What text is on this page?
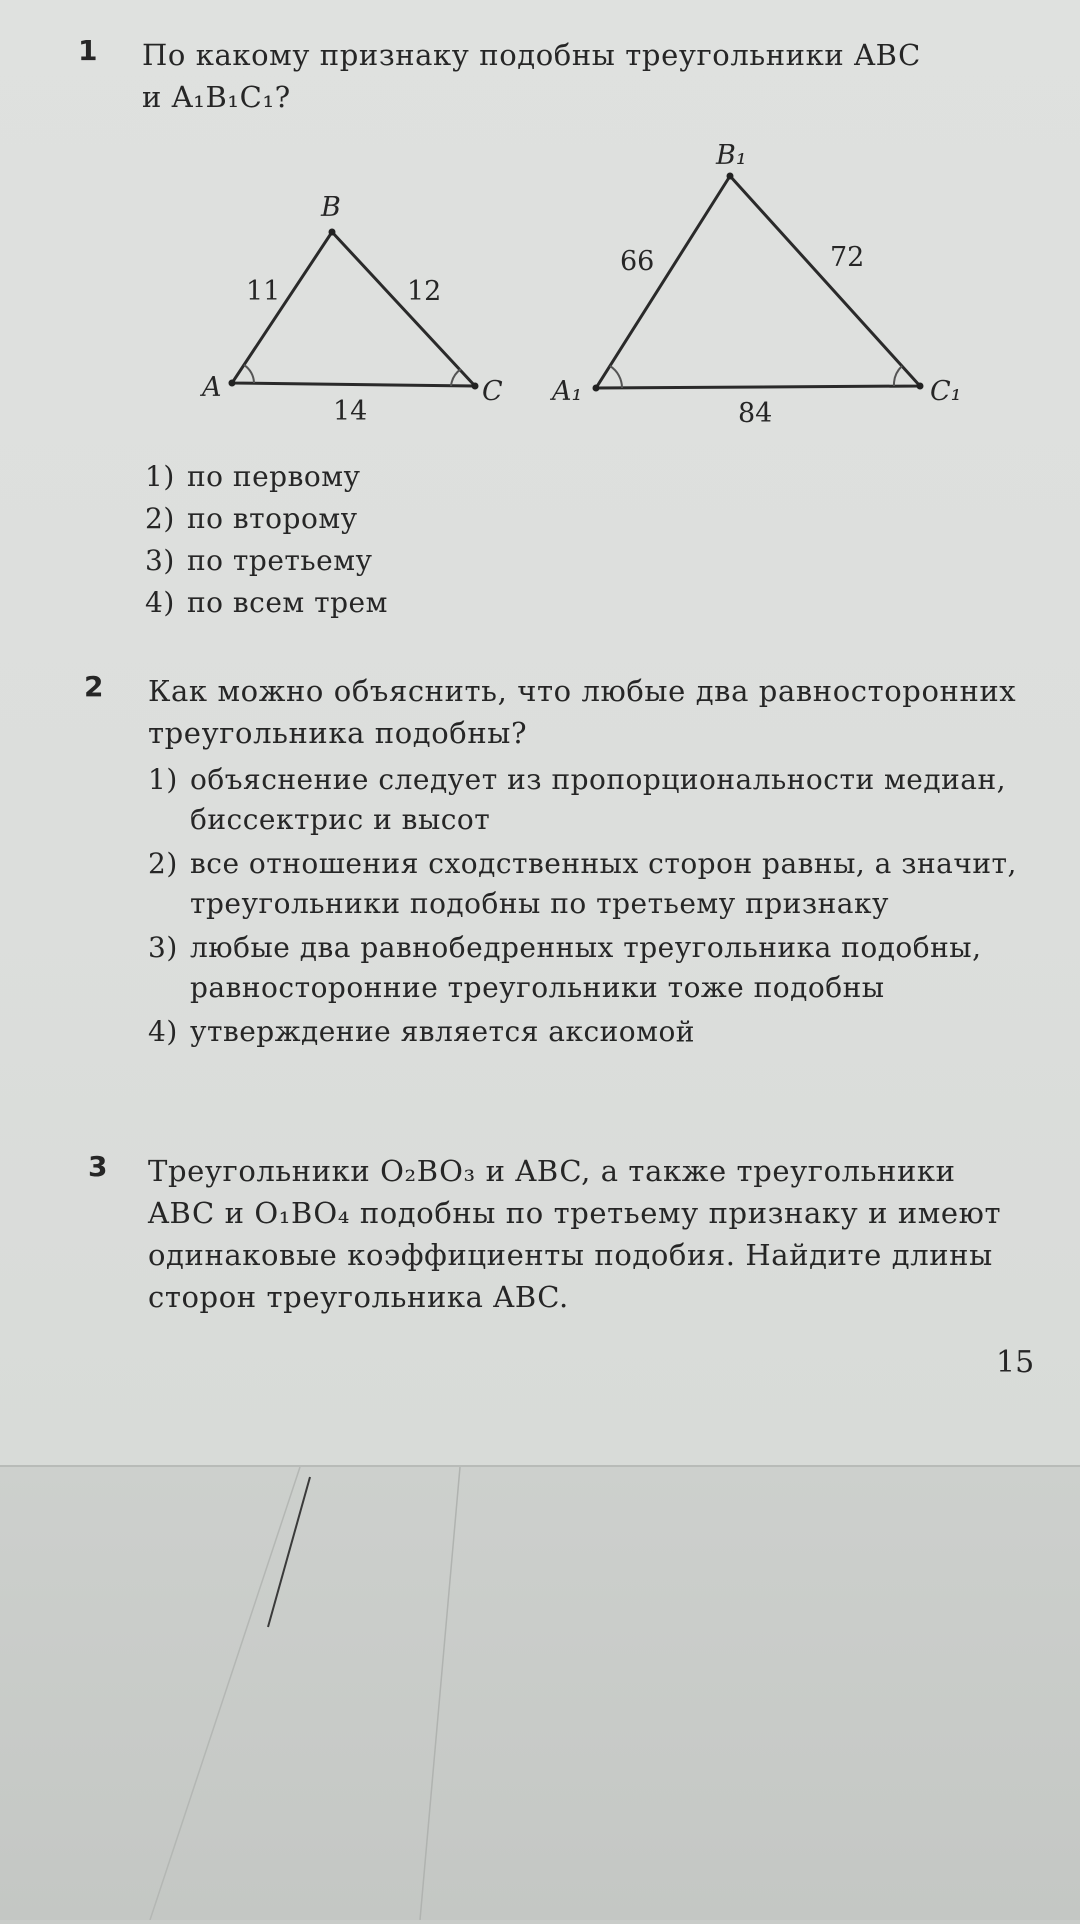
1 По какому признаку подобны треугольники ABC
и A₁B₁C₁?
A
B
C
11	12
14
A₁
B₁
C₁
66	72
84
1) по первому
2) по второму
3) по третьему
4) по всем трем
2 Как можно объяснить, что любые два равносторонних треугольника подобны?
1) объяснение следует из пропорциональности медиан, биссектрис и высот
2) все отношения сходственных сторон равны, а значит, треугольники подобны по третьему признаку
3) любые два равнобедренных треугольника подобны, равносторонние треугольники тоже подобны
4) утверждение является аксиомой
3 Треугольники O₂BO₃ и ABC, а также треугольники ABC и O₁BO₄ подобны по третьему признаку и имеют одинаковые коэффициенты подобия. Найдите длины сторон треугольника ABC.
15
